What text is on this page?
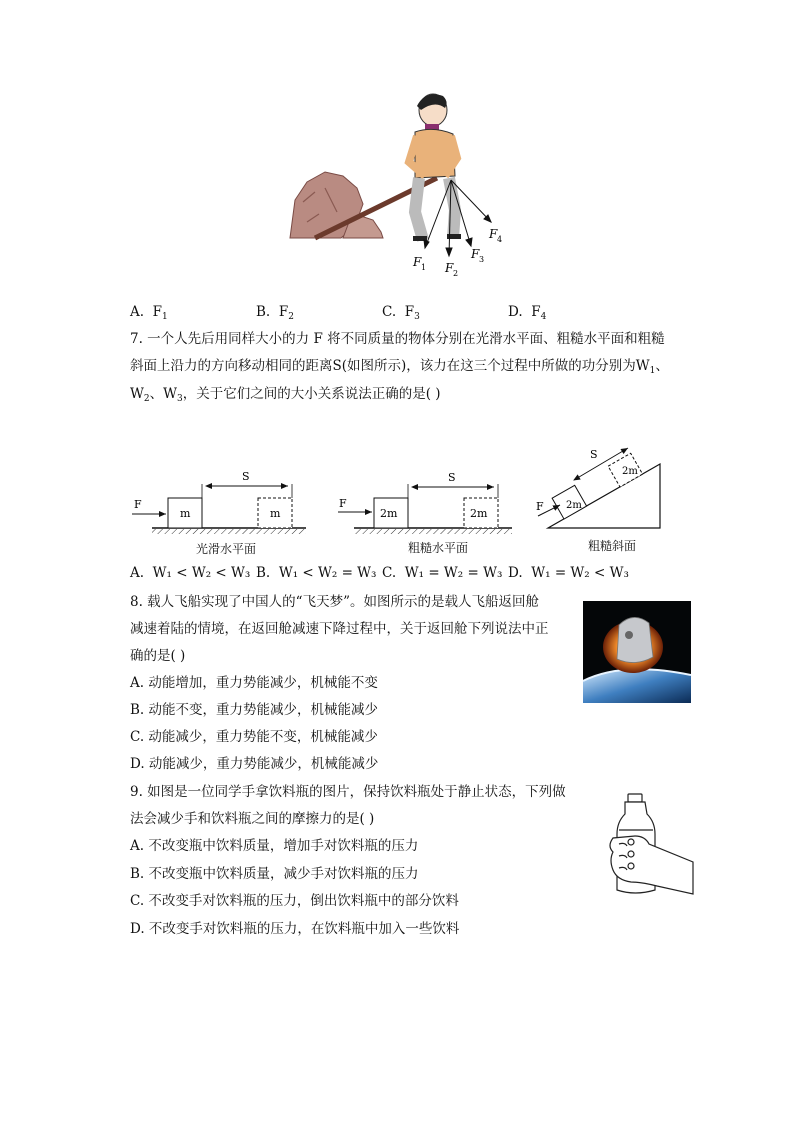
F 1 F 2
F 3
F 4
A. $F_1$	B. $F_2$	C. $F_3$	D. $F_4$
7. 一个人先后用同样大小的力 F 将不同质量的物体分别在光滑水平面、粗糙水平面和粗糙
斜面上沿力的方向移动相同的距离S(如图所示)，该力在这三个过程中所做的功分别为$W_1$、
$W_2$、$W_3$，关于它们之间的大小关系说法正确的是( )
F
S
m	m
F
S
2m	2m
F
S
2m
2m
光滑水平面	粗糙水平面	粗糙斜面
A. W₁ < W₂ < W₃ B. W₁ < W₂ = W₃ C. W₁ = W₂ = W₃ D. W₁ = W₂ < W₃
8. 载人飞船实现了中国人的“飞天梦”。如图所示的是载人飞船返回舱
减速着陆的情境，在返回舱减速下降过程中，关于返回舱下列说法中正
确的是( )
A. 动能增加，重力势能减少，机械能不变
B. 动能不变，重力势能减少，机械能减少
C. 动能减少，重力势能不变，机械能减少
D. 动能减少，重力势能减少，机械能减少
9. 如图是一位同学手拿饮料瓶的图片，保持饮料瓶处于静止状态，下列做
法会减少手和饮料瓶之间的摩擦力的是( )
A. 不改变瓶中饮料质量，增加手对饮料瓶的压力
B. 不改变瓶中饮料质量，减少手对饮料瓶的压力
C. 不改变手对饮料瓶的压力，倒出饮料瓶中的部分饮料
D. 不改变手对饮料瓶的压力，在饮料瓶中加入一些饮料
